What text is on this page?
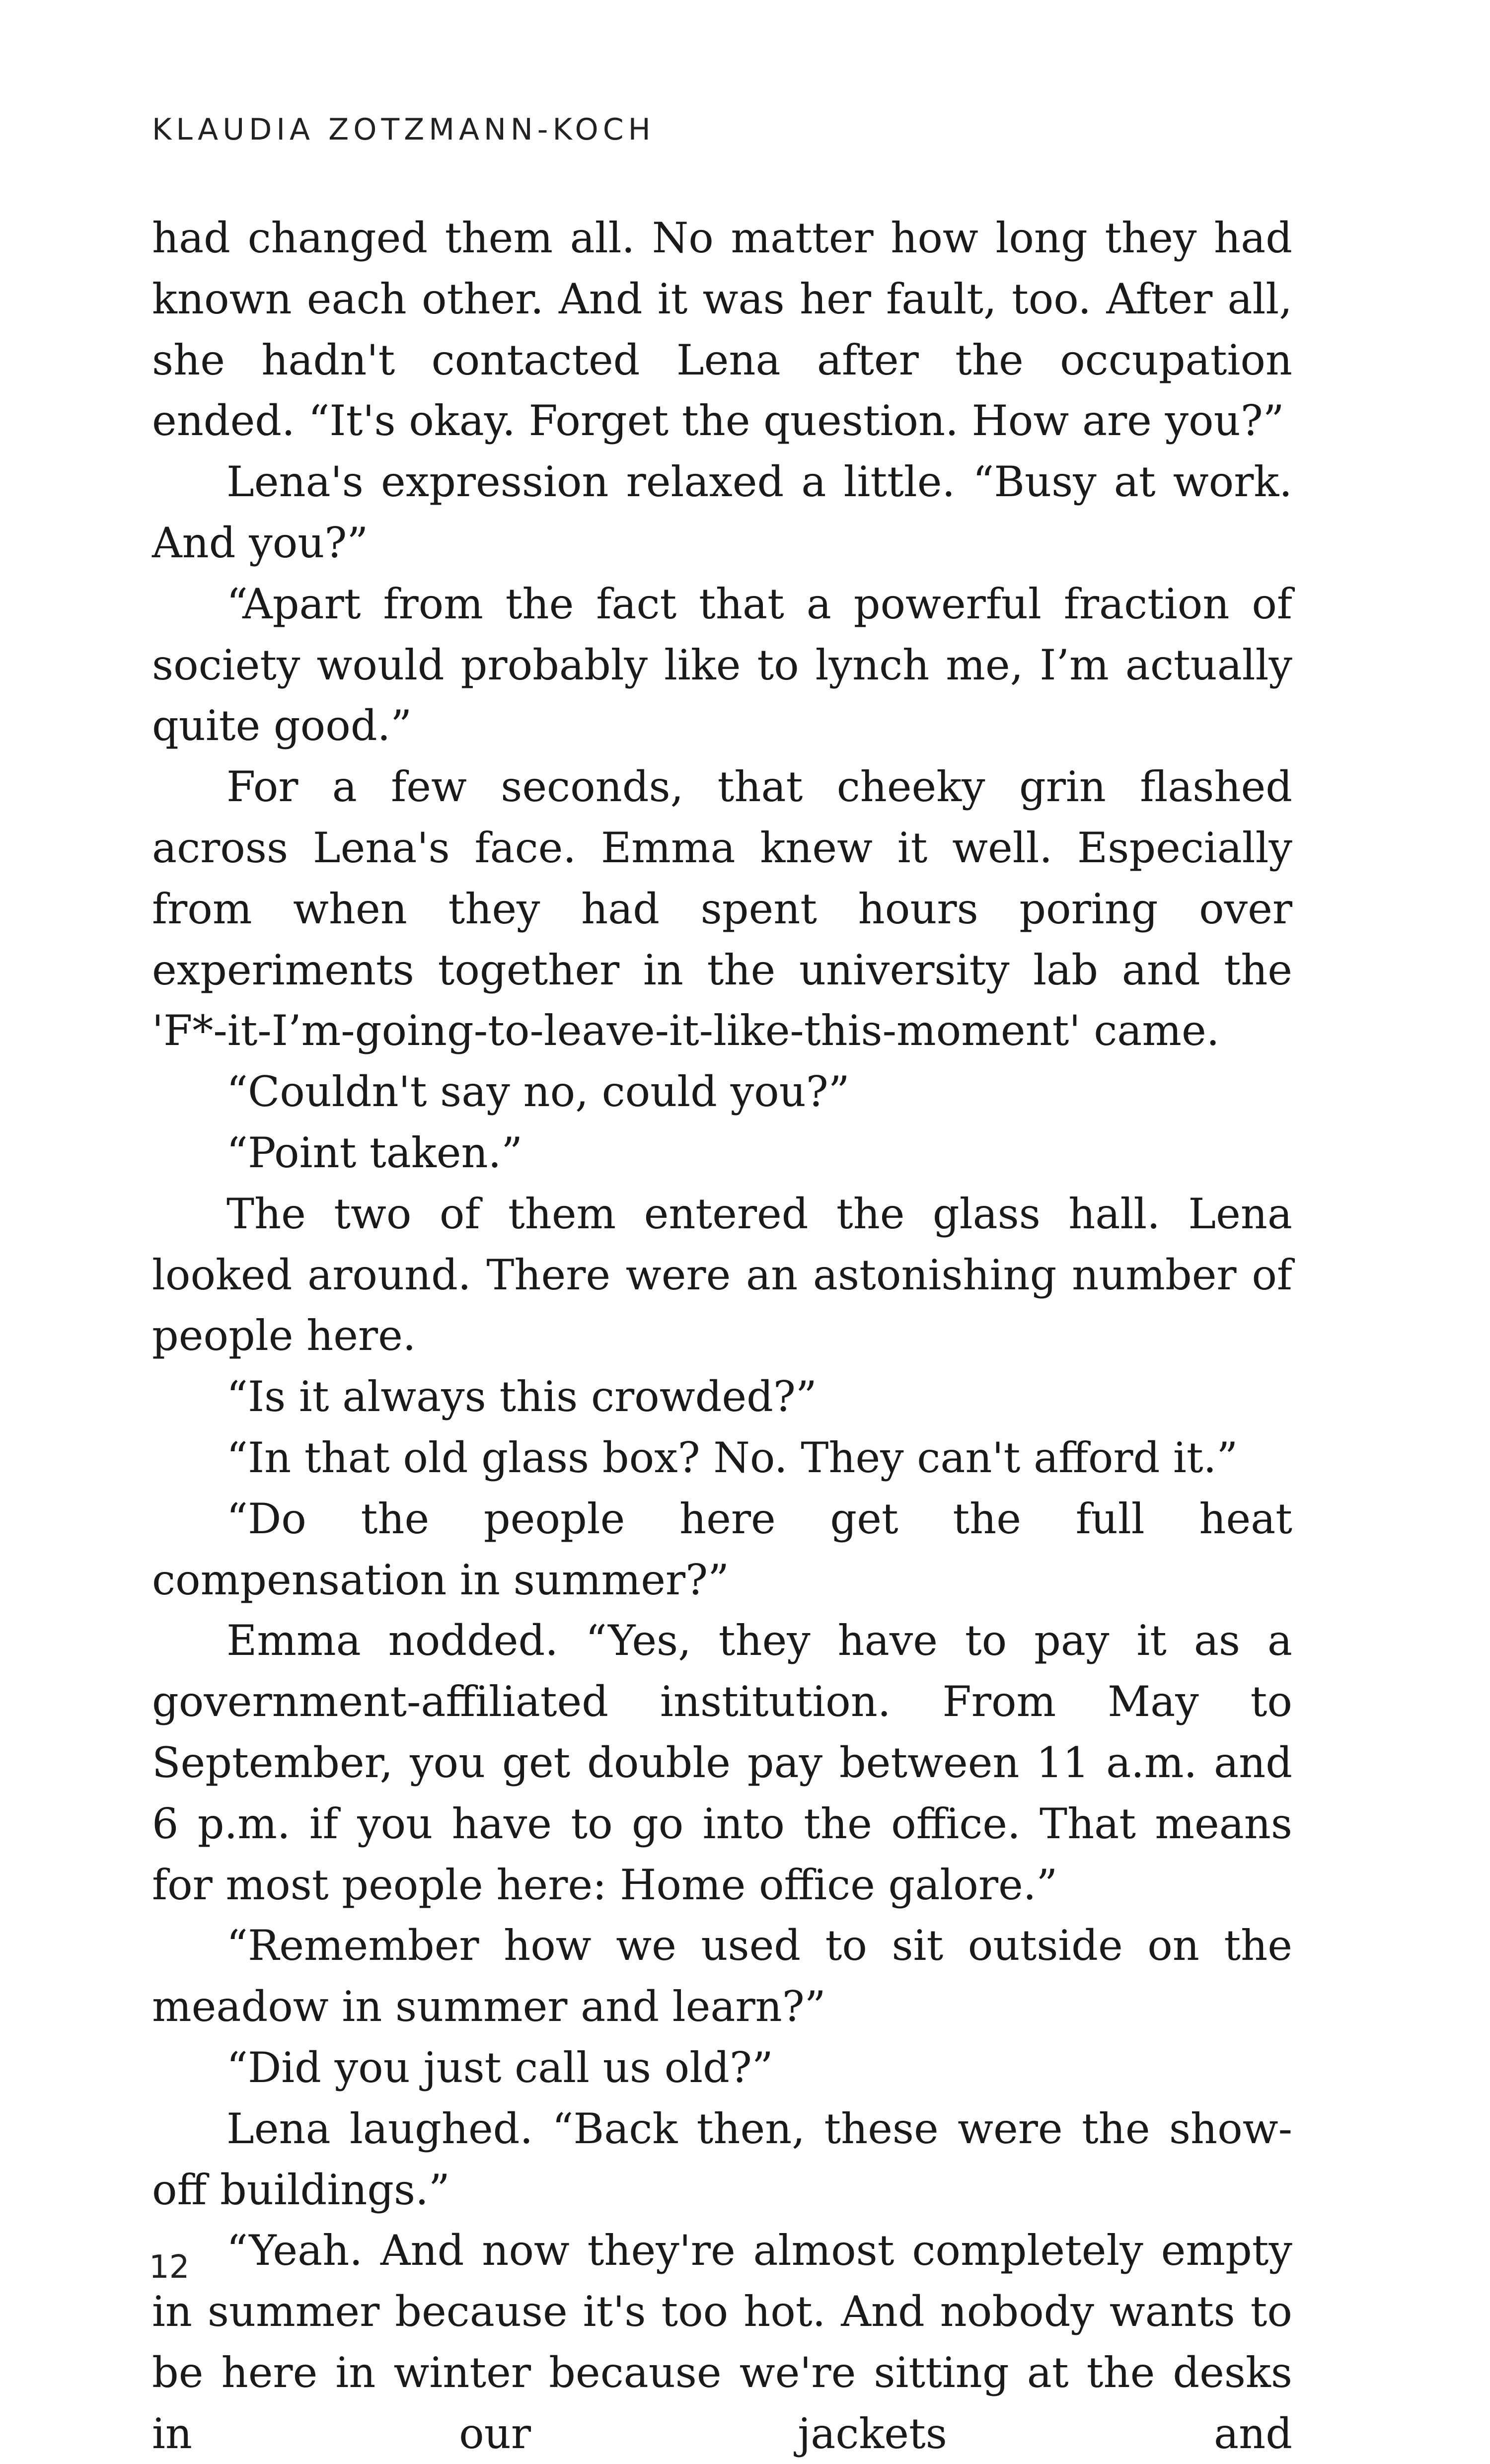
KLAUDIA ZOTZMANN-KOCH

had changed them all. No matter how long they had known each other. And it was her fault, too. After all, she hadn't contacted Lena after the occupation ended. “It's okay. Forget the question. How are you?”

Lena's expression relaxed a little. “Busy at work. And you?”

“Apart from the fact that a powerful fraction of society would probably like to lynch me, I’m actually quite good.”

For a few seconds, that cheeky grin flashed across Lena's face. Emma knew it well. Especially from when they had spent hours poring over experiments together in the university lab and the 'F*-it-I’m-going-to-leave-it-like-this-moment' came.

“Couldn't say no, could you?”

“Point taken.”

The two of them entered the glass hall. Lena looked around. There were an astonishing number of people here.

“Is it always this crowded?”

“In that old glass box? No. They can't afford it.”

“Do the people here get the full heat compensation in summer?”

Emma nodded. “Yes, they have to pay it as a government-affiliated institution. From May to September, you get double pay between 11 a.m. and 6 p.m. if you have to go into the office. That means for most people here: Home office galore.”

“Remember how we used to sit outside on the meadow in summer and learn?”

“Did you just call us old?”

Lena laughed. “Back then, these were the show-off buildings.”

“Yeah. And now they're almost completely empty in summer because it's too hot. And nobody wants to be here in winter because we're sitting at the desks in our jackets and

12
